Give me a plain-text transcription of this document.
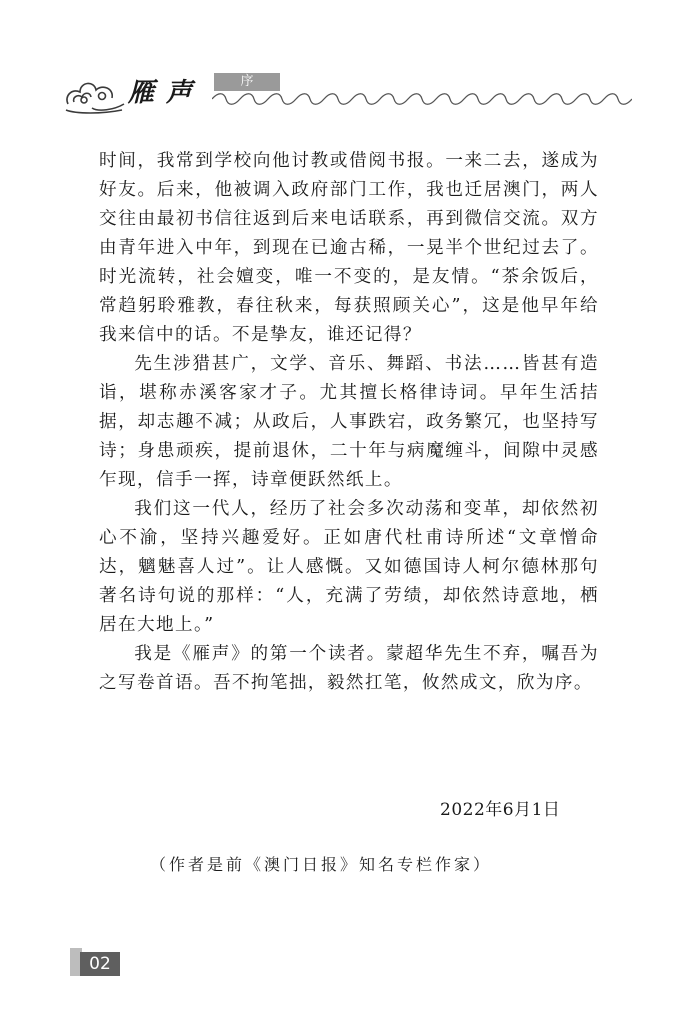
雁声	序

时间，我常到学校向他讨教或借阅书报。一来二去，遂成为好友。后来，他被调入政府部门工作，我也迁居澳门，两人交往由最初书信往返到后来电话联系，再到微信交流。双方由青年进入中年，到现在已逾古稀，一晃半个世纪过去了。时光流转，社会嬗变，唯一不变的，是友情。“茶余饭后，常趋躬聆雅教，春往秋来，每获照顾关心”，这是他早年给我来信中的话。不是挚友，谁还记得？

先生涉猎甚广，文学、音乐、舞蹈、书法……皆甚有造诣，堪称赤溪客家才子。尤其擅长格律诗词。早年生活拮据，却志趣不减；从政后，人事跌宕，政务繁冗，也坚持写诗；身患顽疾，提前退休，二十年与病魔缠斗，间隙中灵感乍现，信手一挥，诗章便跃然纸上。

我们这一代人，经历了社会多次动荡和变革，却依然初心不渝，坚持兴趣爱好。正如唐代杜甫诗所述“文章憎命达，魑魅喜人过”。让人感慨。又如德国诗人柯尔德林那句著名诗句说的那样：“人，充满了劳绩，却依然诗意地，栖居在大地上。”

我是《雁声》的第一个读者。蒙超华先生不弃，嘱吾为之写卷首语。吾不拘笔拙，毅然扛笔，攸然成文，欣为序。

2022年6月1日
（作者是前《澳门日报》知名专栏作家）
02
